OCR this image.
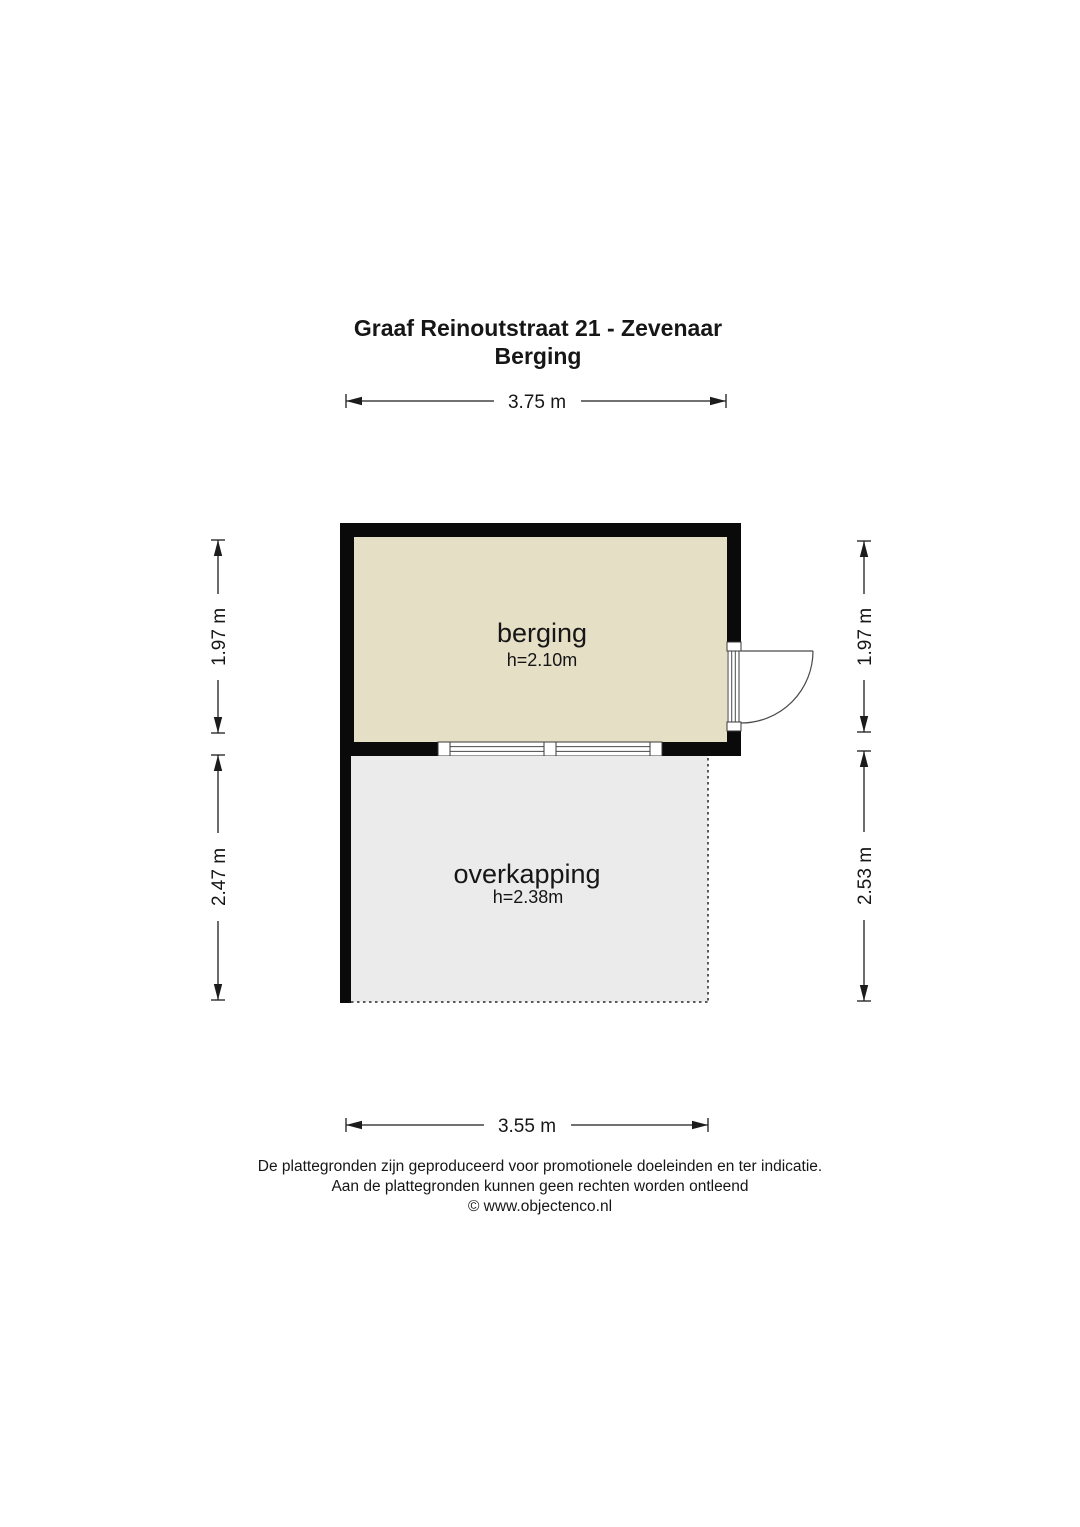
Graaf Reinoutstraat 21 - Zevenaar
Berging
3.75 m
berging
h=2.10m
overkapping
h=2.38m
1.97 m
2.47 m
1.97 m
2.53 m
3.55 m
De plattegronden zijn geproduceerd voor promotionele doeleinden en ter indicatie.
Aan de plattegronden kunnen geen rechten worden ontleend
© www.objectenco.nl
